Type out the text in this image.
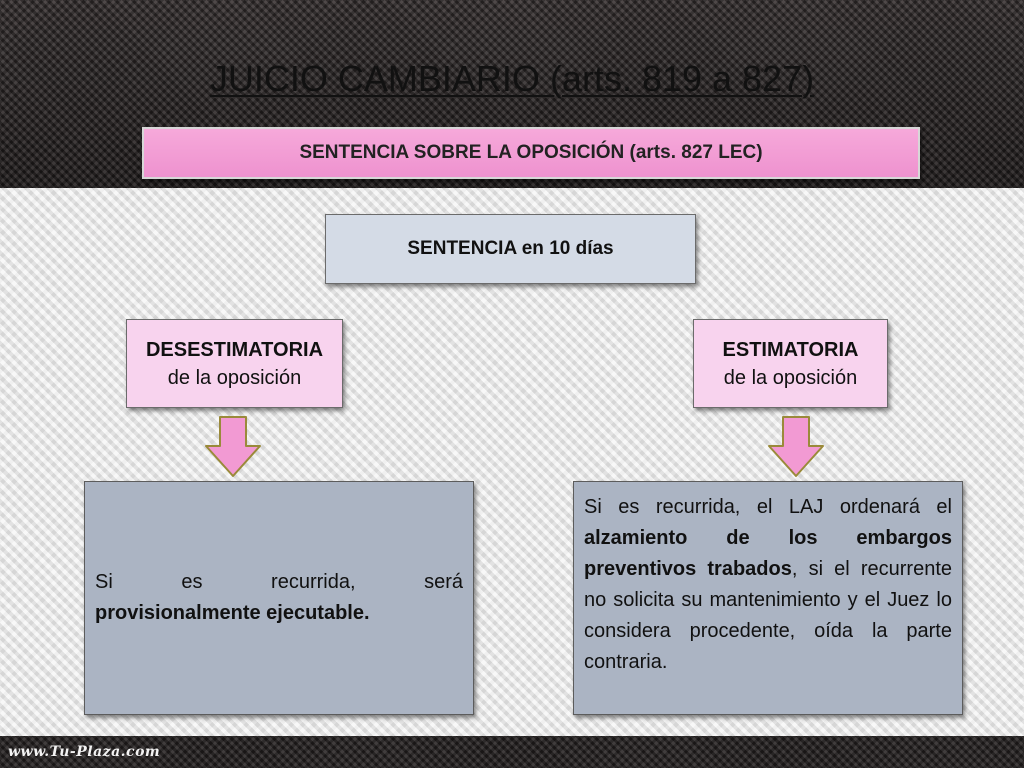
JUICIO CAMBIARIO (arts. 819 a 827)
SENTENCIA SOBRE LA OPOSICIÓN (arts. 827 LEC)
SENTENCIA en 10 días
DESESTIMATORIA
de la oposición
ESTIMATORIA
de la oposición

Si	es	recurrida,	será
provisionalmente ejecutable.

Si es recurrida, el LAJ ordenará el alzamiento de los embargos preventivos trabados, si el recurrente no solicita su mantenimiento y el Juez lo considera procedente, oída la parte contraria.

www.Tu-Plaza.com
